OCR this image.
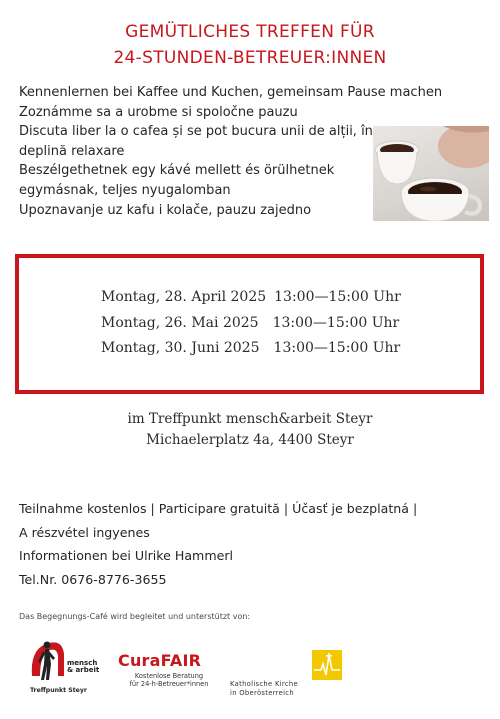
GEMÜTLICHES TREFFEN FÜR
24-STUNDEN-BETREUER:INNEN
Kennenlernen bei Kaffee und Kuchen, gemeinsam Pause machen
Zoznámme sa a urobme si spoločne pauzu
Discuta liber la o cafea și se pot bucura unii de alții, în
deplină relaxare
Beszélgethetnek egy kávé mellett és örülhetnek
egymásnak, teljes nyugalomban
Upoznavanje uz kafu i kolače, pauzu zajedno
Montag, 28. April 2025 13:00—15:00 Uhr
Montag, 26. Mai 2025 13:00—15:00 Uhr
Montag, 30. Juni 2025 13:00—15:00 Uhr
im Treffpunkt mensch&arbeit Steyr
Michaelerplatz 4a, 4400 Steyr
Teilnahme kostenlos | Participare gratuită | Účasť je bezplatná |
A részvétel ingyenes
Informationen bei Ulrike Hammerl
Tel.Nr. 0676-8776-3655
Das Begegnungs-Café wird begleitet und unterstützt von:
mensch
& arbeit
Treffpunkt Steyr
CuraFAIR
Kostenlose Beratung
für 24-h-Betreuer*innen	Katholische Kirche
in Oberösterreich
